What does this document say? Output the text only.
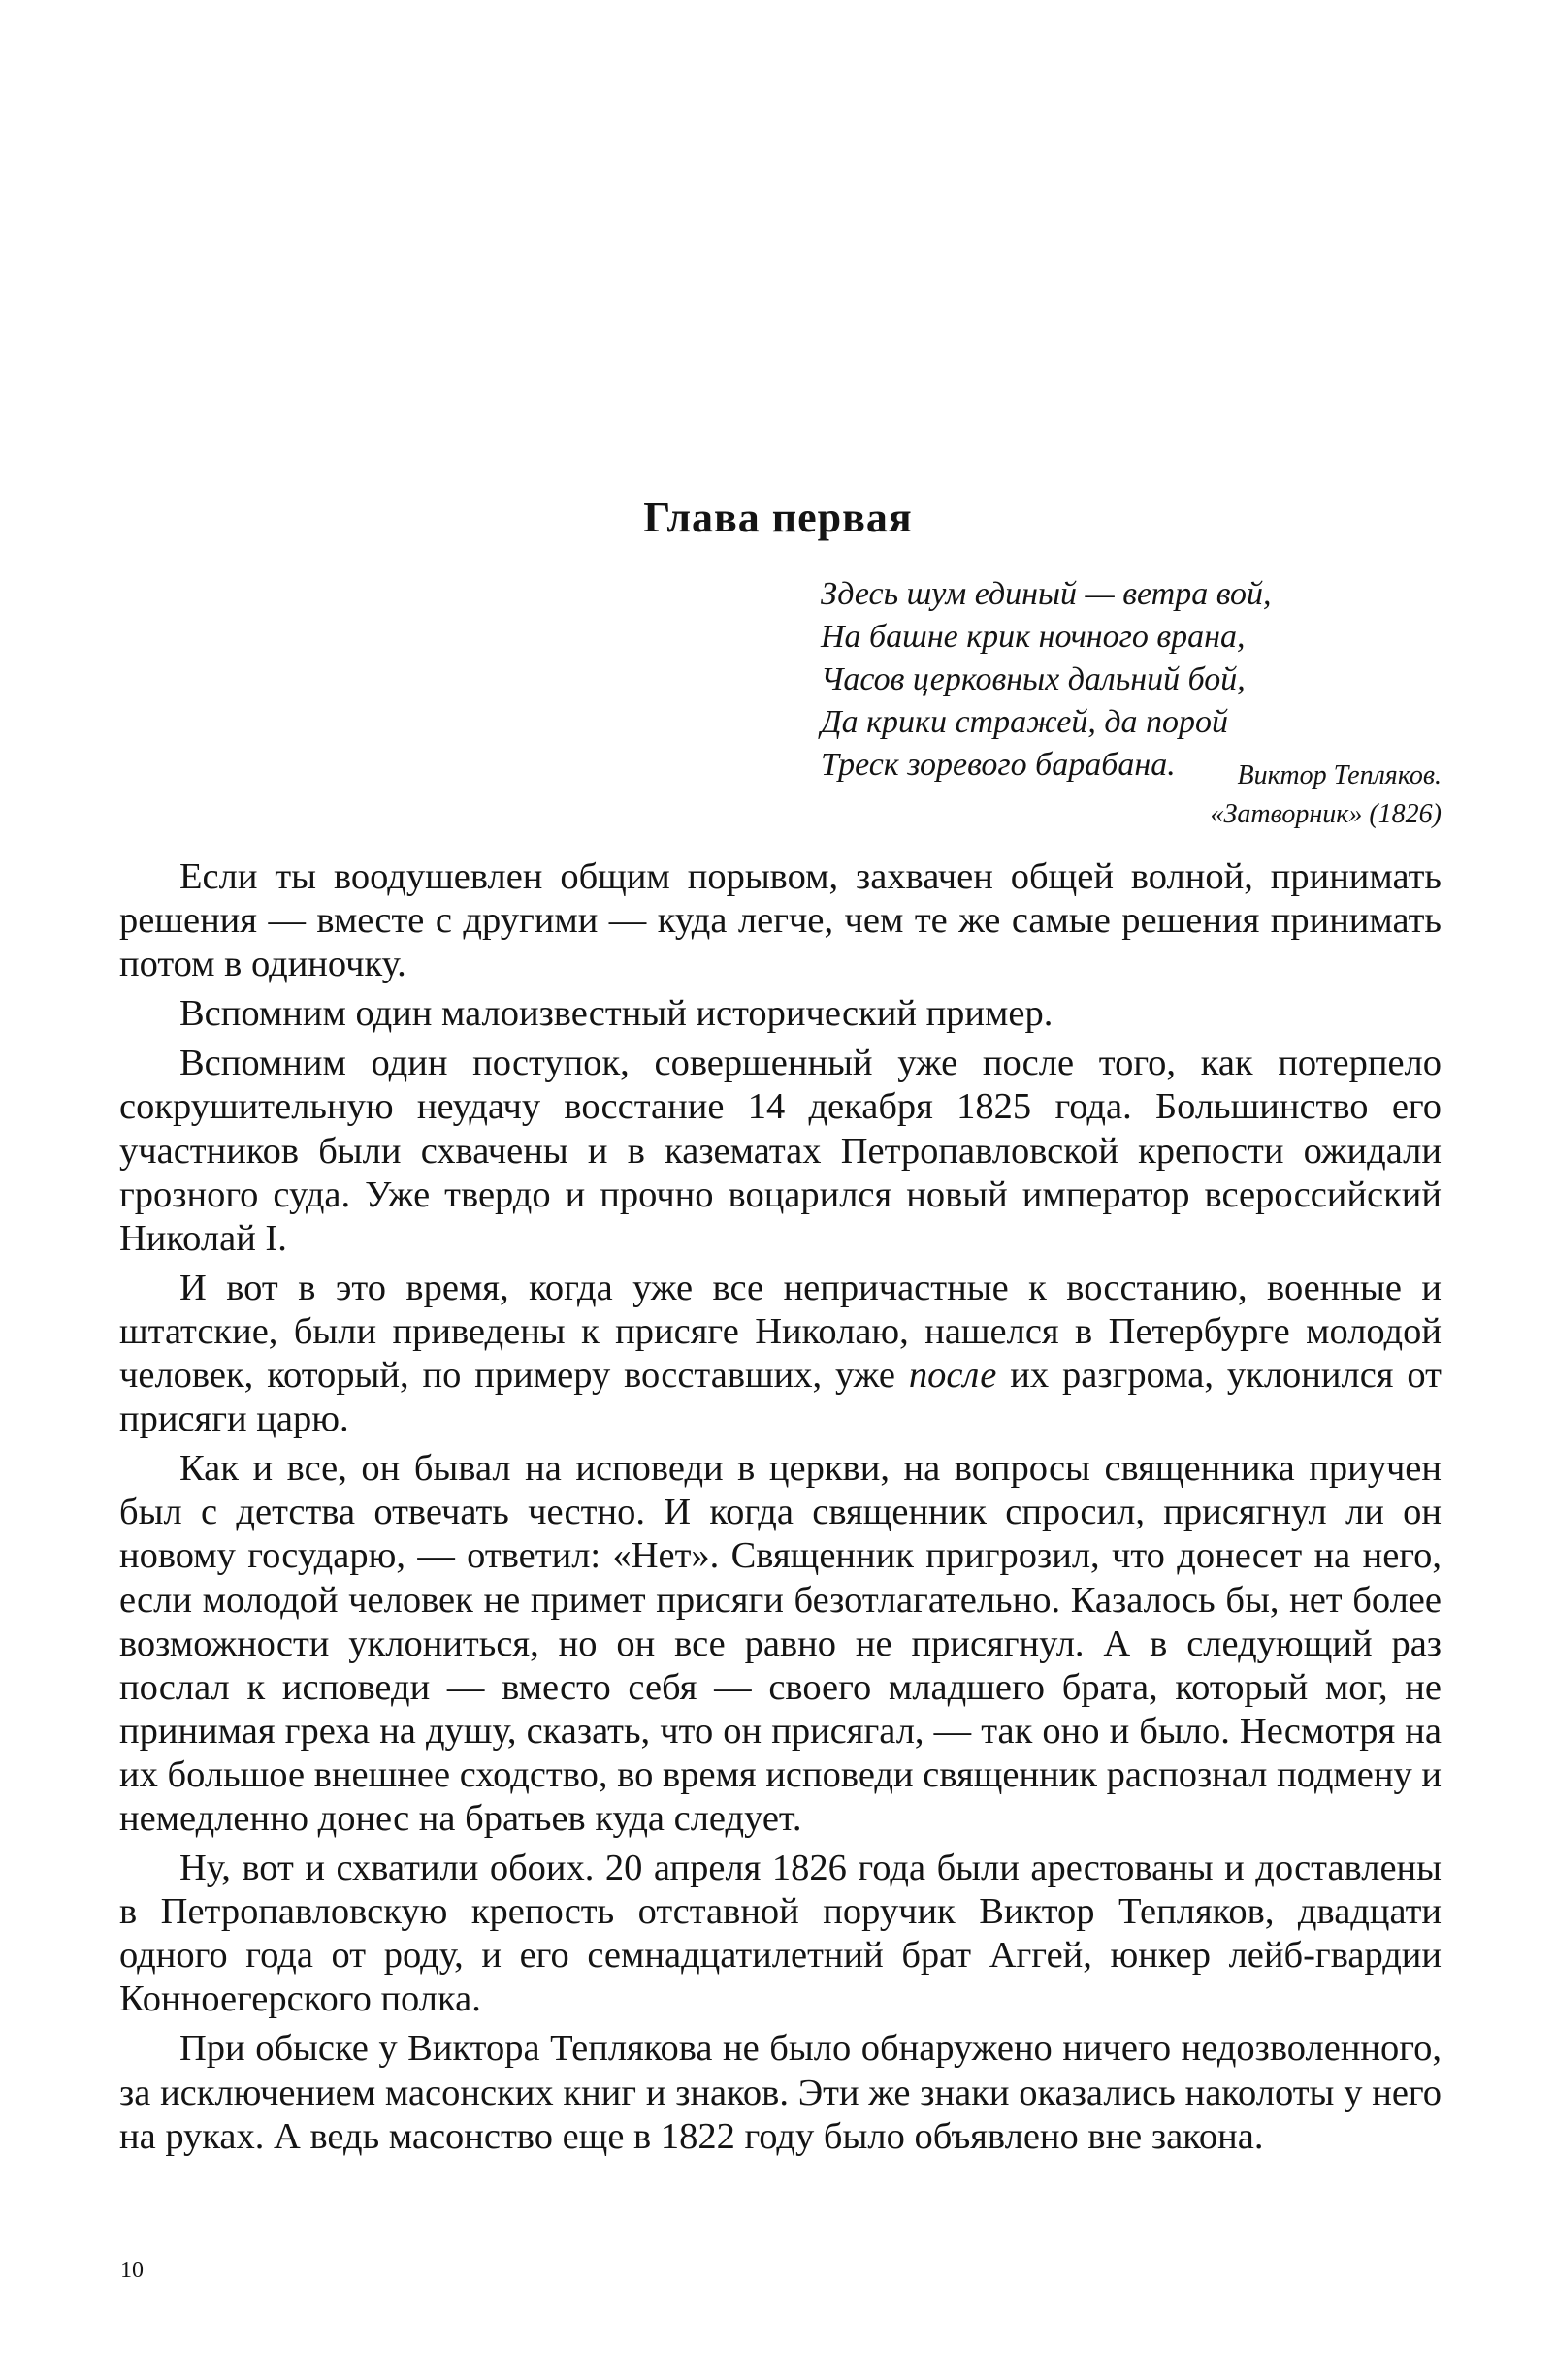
Глава первая
Здесь шум единый — ветра вой,
На башне крик ночного врана,
Часов церковных дальний бой,
Да крики стражей, да порой
Треск зоревого барабана.	Виктор Тепляков.
«Затворник» (1826)

Если ты воодушевлен общим порывом, захвачен общей волной, принимать решения — вместе с другими — куда легче, чем те же самые решения принимать потом в одиночку.

Вспомним один малоизвестный исторический пример.

Вспомним один поступок, совершенный уже после того, как потерпело сокрушительную неудачу восстание 14 декабря 1825 года. Большинство его участников были схвачены и в казематах Петропавловской крепости ожидали грозного суда. Уже твердо и прочно воцарился новый император всероссийский Николай I.

И вот в это время, когда уже все непричастные к восстанию, военные и штатские, были приведены к присяге Николаю, нашелся в Петербурге молодой человек, который, по примеру восставших, уже после их разгрома, уклонился от присяги царю.

Как и все, он бывал на исповеди в церкви, на вопросы священника приучен был с детства отвечать честно. И когда священник спросил, присягнул ли он новому государю, — ответил: «Нет». Священник пригрозил, что донесет на него, если молодой человек не примет присяги безотлагательно. Казалось бы, нет более возможности уклониться, но он все равно не присягнул. А в следующий раз послал к исповеди — вместо себя — своего младшего брата, который мог, не принимая греха на душу, сказать, что он присягал, — так оно и было. Несмотря на их большое внешнее сходство, во время исповеди священник распознал подмену и немедленно донес на братьев куда следует.

Ну, вот и схватили обоих. 20 апреля 1826 года были арестованы и доставлены в Петропавловскую крепость отставной поручик Виктор Тепляков, двадцати одного года от роду, и его семнадцатилетний брат Аггей, юнкер лейб-гвардии Конноегерского полка.

При обыске у Виктора Теплякова не было обнаружено ничего недозволенного, за исключением масонских книг и знаков. Эти же знаки оказались наколоты у него на руках. А ведь масонство еще в 1822 году было объявлено вне закона.

10
